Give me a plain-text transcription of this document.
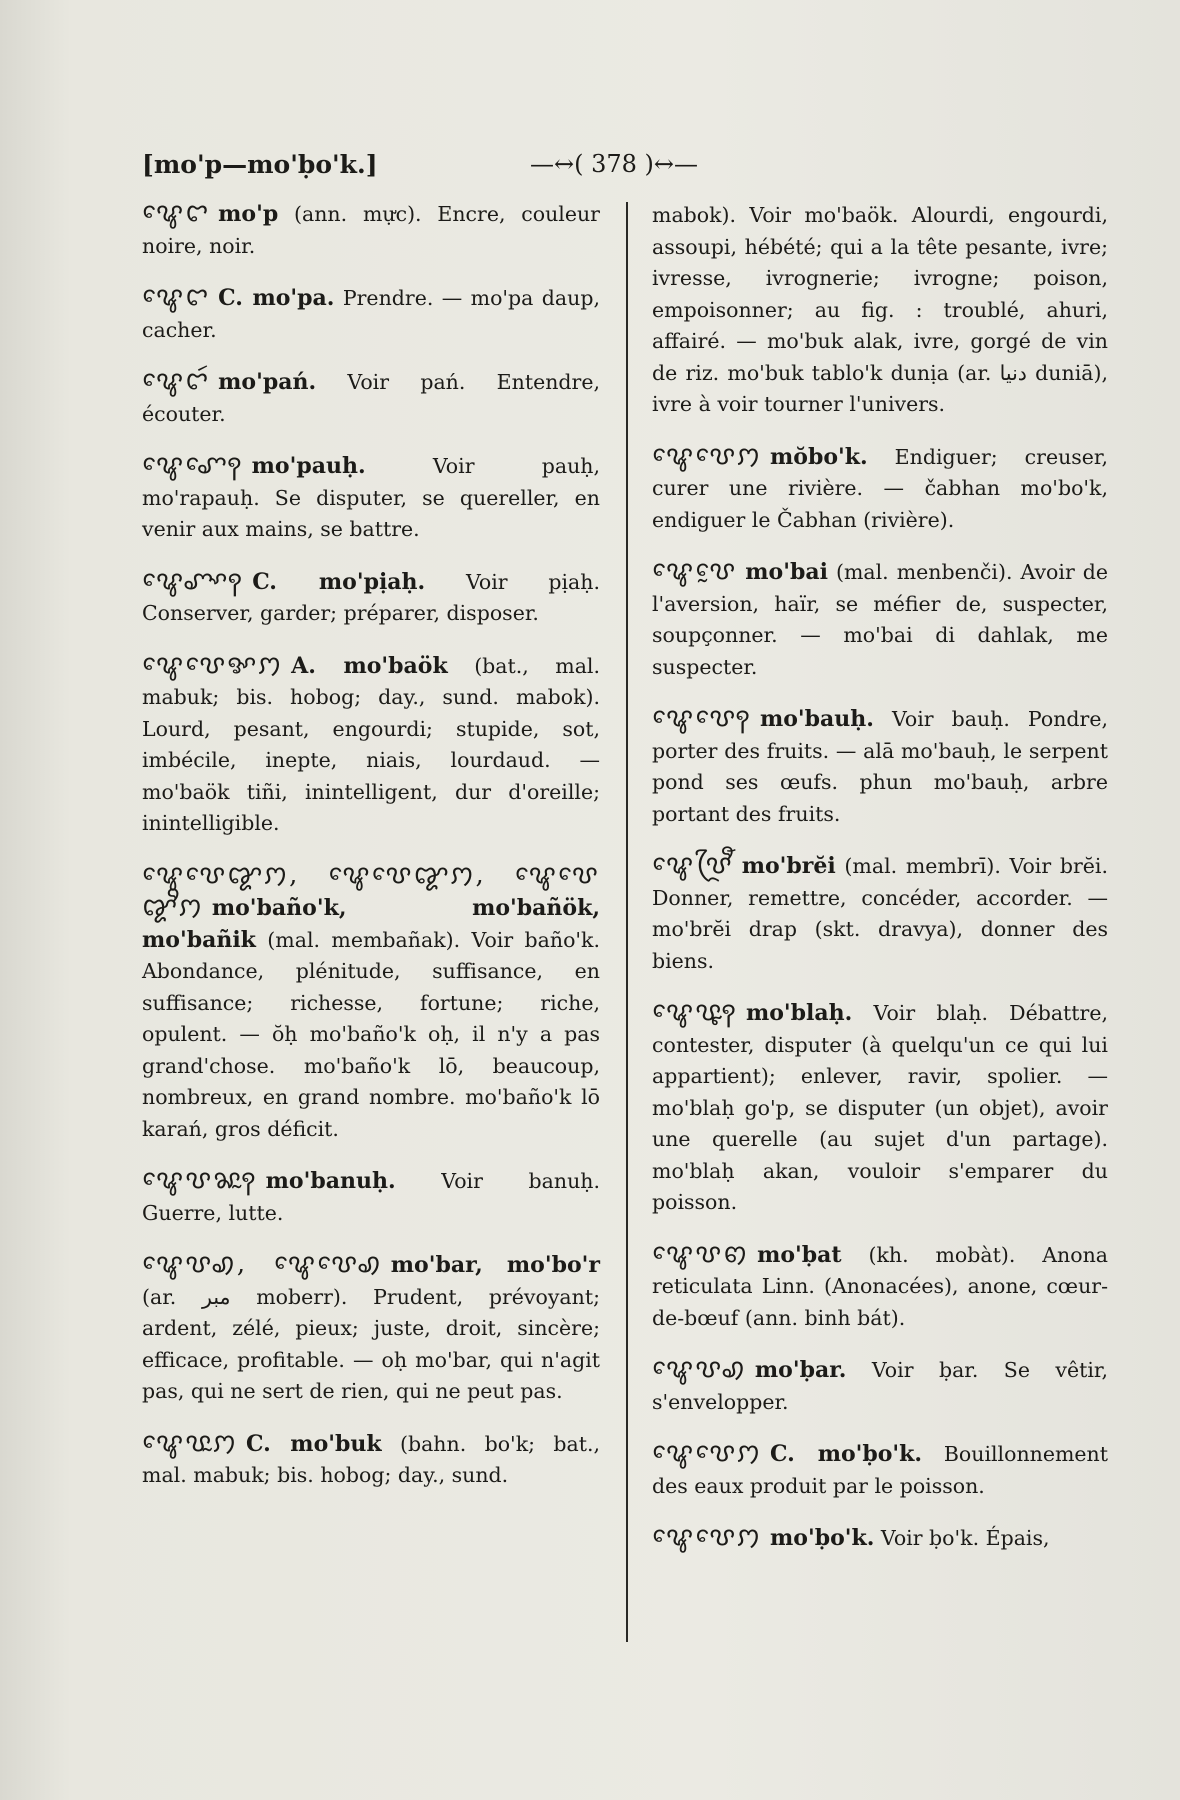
[mo'p—mo'ḅo'k.]	—↔( 378 )↔—

ꨥꨯꨤ mo'p (ann. mực). Encre, couleur noire, noir.

ꨥꨯꨤ C. mo'pa. Prendre. — mo'pa daup, cacher.

ꨥꨯꨤꩃ mo'pań. Voir pań. Entendre, écouter.

ꨥꨯꨚꨯꩍ mo'pauḥ. Voir pauḥ, mo'rapauḥ. Se disputer, se quereller, en venir aux mains, se battre.

ꨥꨯꨚꨳꩍ C. mo'pịaḥ. Voir pịaḥ. Conserver, garder; préparer, disposer.

ꨥꨯꨝꨯꨀꩀ A. mo'baök (bat., mal. mabuk; bis. hobog; day., sund. mabok). Lourd, pesant, engourdi; stupide, sot, imbécile, inepte, niais, lourdaud. — mo'baök tiñi, inintelligent, dur d'oreille; inintelligible.

ꨥꨯꨝꨯꨑꩀ, ꨥꨯꨝꨯꨑꩀ, ꨥꨯꨝꨯꨑꨪꩀ mo'baño'k, mo'bañök, mo'bañik (mal. membañak). Voir baño'k. Abondance, plénitude, suffisance, en suffisance; richesse, fortune; riche, opulent. — ŏḥ mo'baño'k oḥ, il n'y a pas grand'chose. mo'baño'k lō, beaucoup, nombreux, en grand nombre. mo'baño'k lō karań, gros déficit.

ꨥꨯꨝꨗꨭꩍ mo'banuḥ. Voir banuḥ. Guerre, lutte.

ꨥꨯꨝꩉ, ꨥꨯꨝꨯꩉ mo'bar, mo'bo'r (ar. مبر moberr). Prudent, prévoyant; ardent, zélé, pieux; juste, droit, sincère; efficace, profitable. — oḥ mo'bar, qui n'agit pas, qui ne sert de rien, qui ne peut pas.

ꨥꨯꨝꨭꩀ C. mo'buk (bahn. bo'k; bat., mal. mabuk; bis. hobog; day., sund.

mabok). Voir mo'baök. Alourdi, engourdi, assoupi, hébété; qui a la tête pesante, ivre; ivresse, ivrognerie; ivrogne; poison, empoisonner; au fig. : troublé, ahuri, affairé. — mo'buk alak, ivre, gorgé de vin de riz. mo'buk tablo'k dunịa (ar. دنيا duniā), ivre à voir tourner l'univers.

ꨥꨯꨝꨯꩀ mŏbo'k. Endiguer; creuser, curer une rivière. — čabhan mo'bo'k, endiguer le Čabhan (rivière).

ꨥꨯꨝꨰ mo'bai (mal. menbenči). Avoir de l'aversion, haïr, se méfier de, suspecter, soupçonner. — mo'bai di dahlak, me suspecter.

ꨥꨯꨝꨯꩍ mo'bauḥ. Voir bauḥ. Pondre, porter des fruits. — alā mo'bauḥ, le serpent pond ses œufs. phun mo'bauḥ, arbre portant des fruits.

ꨥꨯꨝꨴꨬ mo'brĕi (mal. membrī). Voir brĕi. Donner, remettre, concéder, accorder. — mo'brĕi drap (skt. dravya), donner des biens.

ꨥꨯꨝꨵꩍ mo'blaḥ. Voir blaḥ. Débattre, contester, disputer (à quelqu'un ce qui lui appartient); enlever, ravir, spolier. — mo'blaḥ go'p, se disputer (un objet), avoir une querelle (au sujet d'un partage). mo'blaḥ akan, vouloir s'emparer du poisson.

ꨥꨯꨝꩅ mo'ḅat (kh. mobàt). Anona reticulata Linn. (Anonacées), anone, cœur-de-bœuf (ann. binh bát).

ꨥꨯꨝꩉ mo'ḅar. Voir ḅar. Se vêtir, s'envelopper.

ꨥꨯꨝꨯꩀ C. mo'ḅo'k. Bouillonnement des eaux produit par le poisson.

ꨥꨯꨝꨯꩀ mo'ḅo'k. Voir ḅo'k. Épais,
